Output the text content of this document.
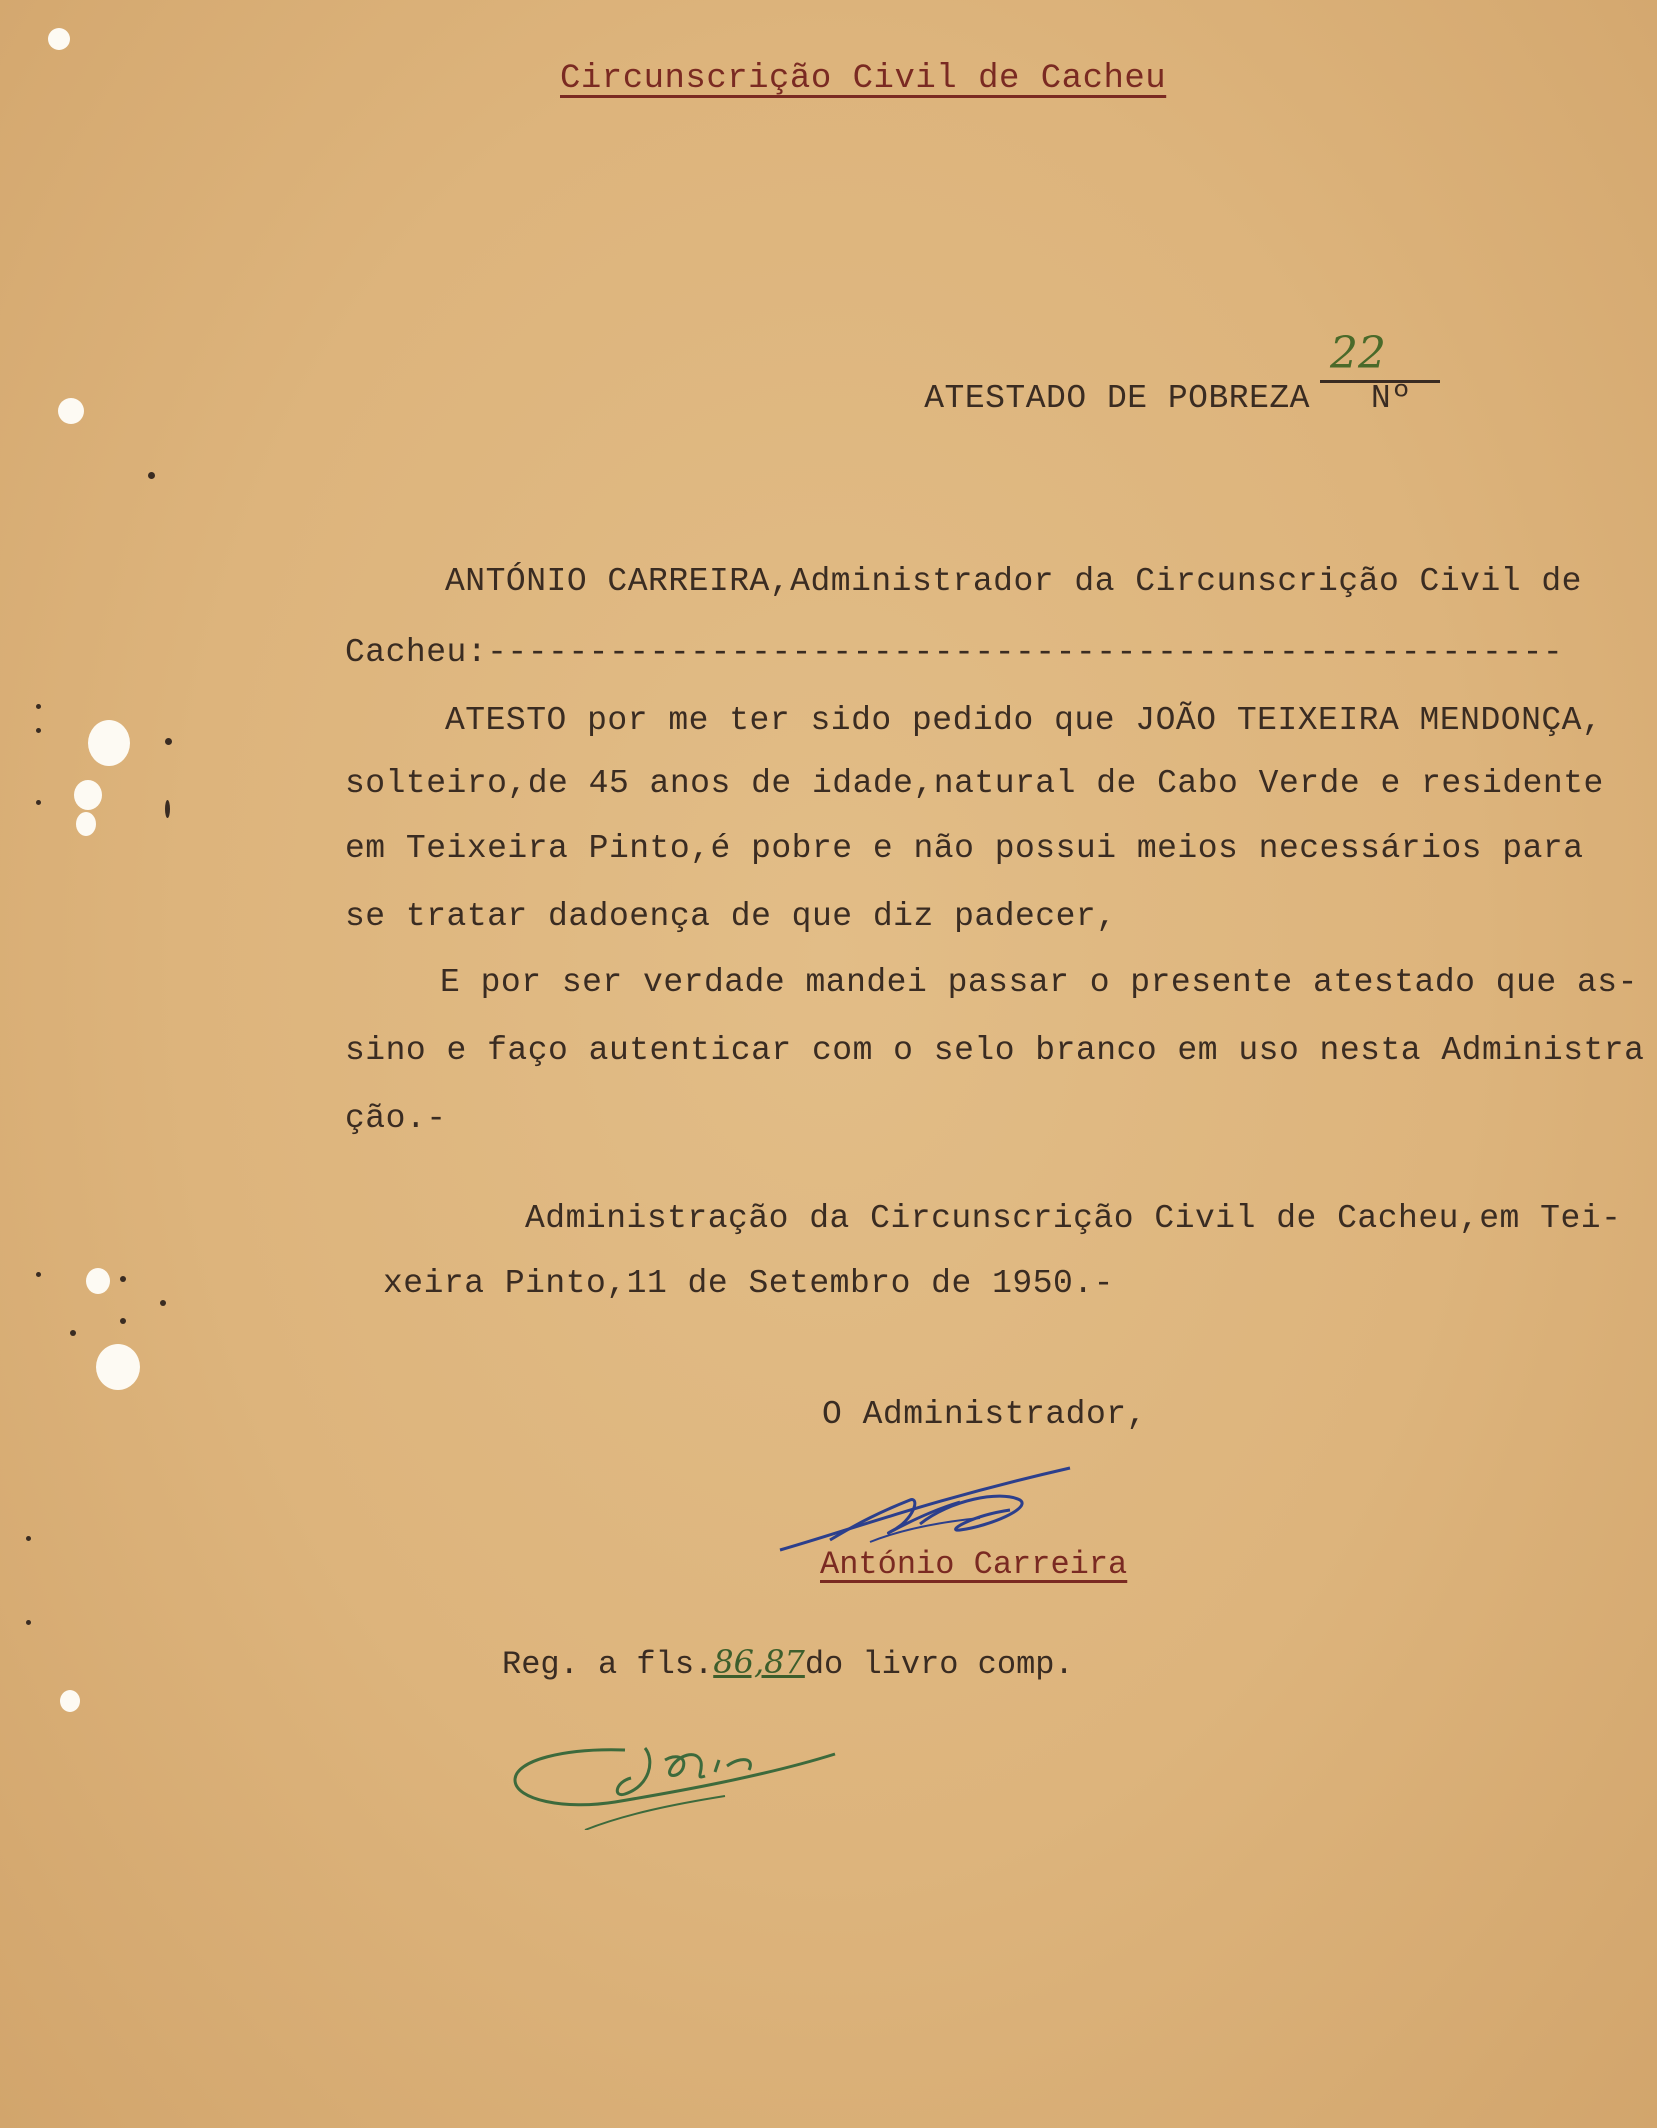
Circunscrição Civil de Cacheu

ATESTADO DE POBREZA Nº

22
ANTÓNIO CARREIRA,Administrador da Circunscrição Civil de
Cacheu:-----------------------------------------------------
ATESTO por me ter sido pedido que JOÃO TEIXEIRA MENDONÇA,
solteiro,de 45 anos de idade,natural de Cabo Verde e residente
em Teixeira Pinto,é pobre e não possui meios necessários para
se tratar dadoença de que diz padecer,
E por ser verdade mandei passar o presente atestado que as-
sino e faço autenticar com o selo branco em uso nesta Administra
ção.-
Administração da Circunscrição Civil de Cacheu,em Tei-
xeira Pinto,11 de Setembro de 1950.-
O Administrador,
António Carreira
Reg. a fls.86,87do livro comp.
